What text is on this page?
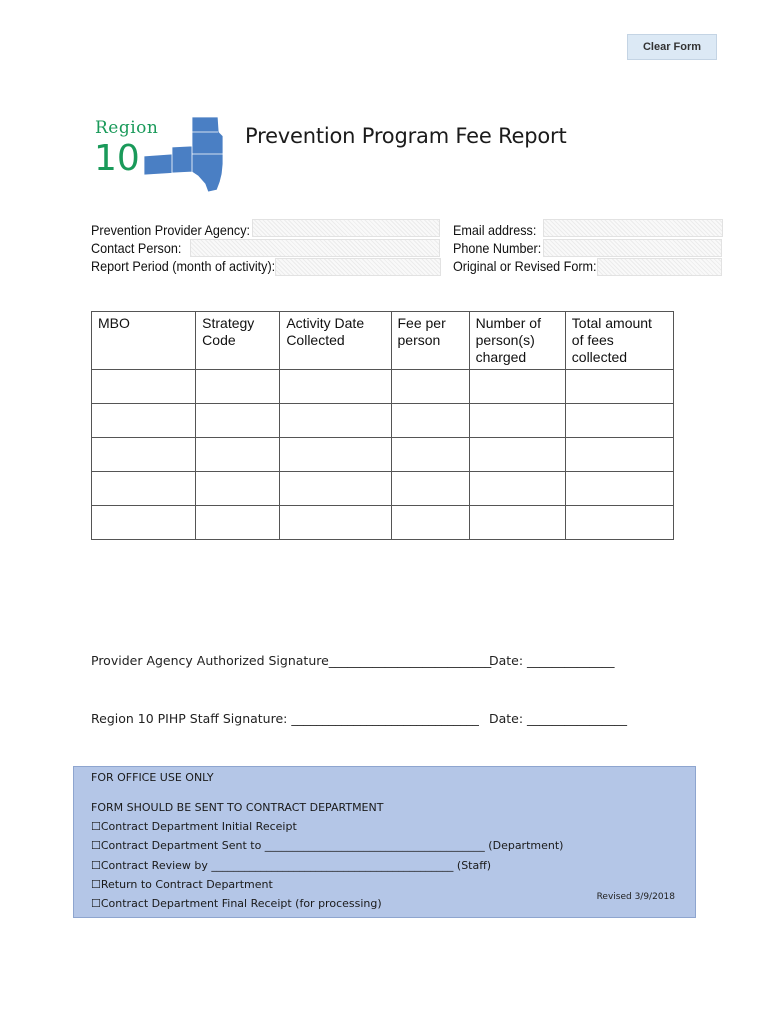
Clear Form
Region
10
Prevention Program Fee Report
Prevention Provider Agency:
Contact Person:
Report Period (month of activity):
Email address:
Phone Number:
Original or Revised Form:
MBO	Strategy Code	Activity Date Collected	Fee per person	Number of person(s) charged	Total amount of fees collected

Provider Agency Authorized Signature__________________________
Date: ______________
Region 10 PIHP Staff Signature: ______________________________ Date: ________________
FOR OFFICE USE ONLY
FORM SHOULD BE SENT TO CONTRACT DEPARTMENT
☐Contract Department Initial Receipt
☐Contract Department Sent to ________________________________________ (Department)
☐Contract Review by ____________________________________________ (Staff)
☐Return to Contract Department
☐Contract Department Final Receipt (for processing)	Revised 3/9/2018
